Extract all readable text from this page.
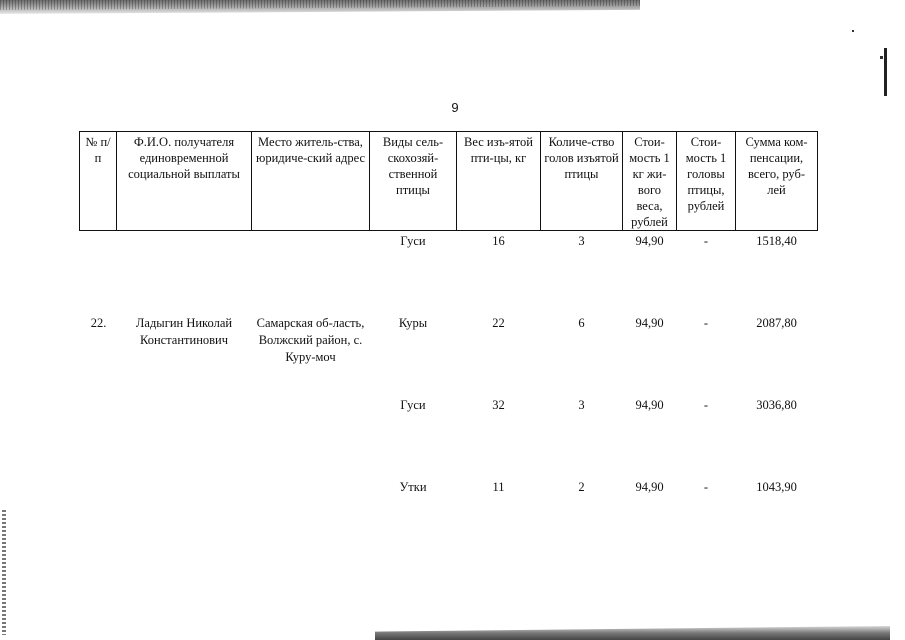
9
№ п/п	Ф.И.О. получателя единовременной социальной выплаты	Место житель-ства, юридиче-ский адрес	Виды сель-скохозяй-ственной птицы	Вес изъ-ятой пти-цы, кг	Количе-ство голов изъятой птицы	Стои-мость 1 кг жи-вого веса, рублей	Стои-мость 1 головы птицы, рублей	Сумма ком-пенсации, всего, руб-лей
			Гуси	16	3	94,90	-	1518,40
22.	Ладыгин Николай Константинович	Самарская об-ласть, Волжский район, с. Куру-моч	Куры	22	6	94,90	-	2087,80
			Гуси	32	3	94,90	-	3036,80
			Утки	11	2	94,90	-	1043,90
